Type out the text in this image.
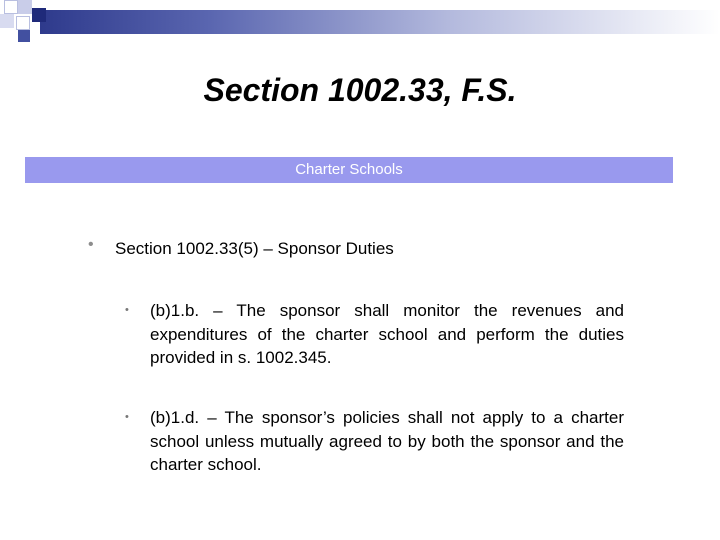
Section 1002.33, F.S.
Charter Schools
• Section 1002.33(5) – Sponsor Duties
• (b)1.b. – The sponsor shall monitor the revenues and expenditures of the charter school and perform the duties provided in s. 1002.345.
• (b)1.d. – The sponsor’s policies shall not apply to a charter school unless mutually agreed to by both the sponsor and the charter school.
